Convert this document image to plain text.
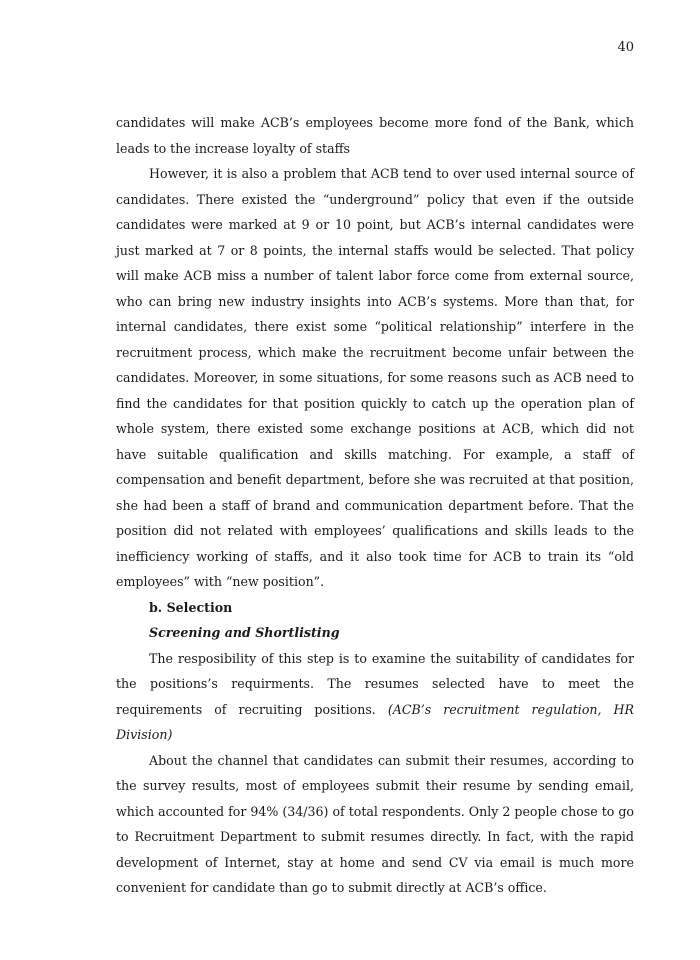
40

candidates will make ACB’s employees become more fond of the Bank, which leads to the increase loyalty of staffs

However, it is also a problem that ACB tend to over used internal source of candidates. There existed the “underground” policy that even if the outside candidates were marked at 9 or 10 point, but ACB’s internal candidates were just marked at 7 or 8 points, the internal staffs would be selected. That policy will make ACB miss a number of talent labor force come from external source, who can bring new industry insights into ACB’s systems. More than that, for internal candidates, there exist some “political relationship” interfere in the recruitment process, which make the recruitment become unfair between the candidates. Moreover, in some situations, for some reasons such as ACB need to find the candidates for that position quickly to catch up the operation plan of whole system, there existed some exchange positions at ACB, which did not have suitable qualification and skills matching. For example, a staff of compensation and benefit department, before she was recruited at that position, she had been a staff of brand and communication department before. That the position did not related with employees’ qualifications and skills leads to the inefficiency working of staffs, and it also took time for ACB to train its “old employees” with “new position”.

b. Selection

Screening and Shortlisting

The resposibility of this step is to examine the suitability of candidates for the positions’s requirments. The resumes selected have to meet the requirements of recruiting positions. (ACB’s recruitment regulation, HR Division)

About the channel that candidates can submit their resumes, according to the survey results, most of employees submit their resume by sending email, which accounted for 94% (34/36) of total respondents. Only 2 people chose to go to Recruitment Department to submit resumes directly. In fact, with the rapid development of Internet, stay at home and send CV via email is much more convenient for candidate than go to submit directly at ACB’s office.
